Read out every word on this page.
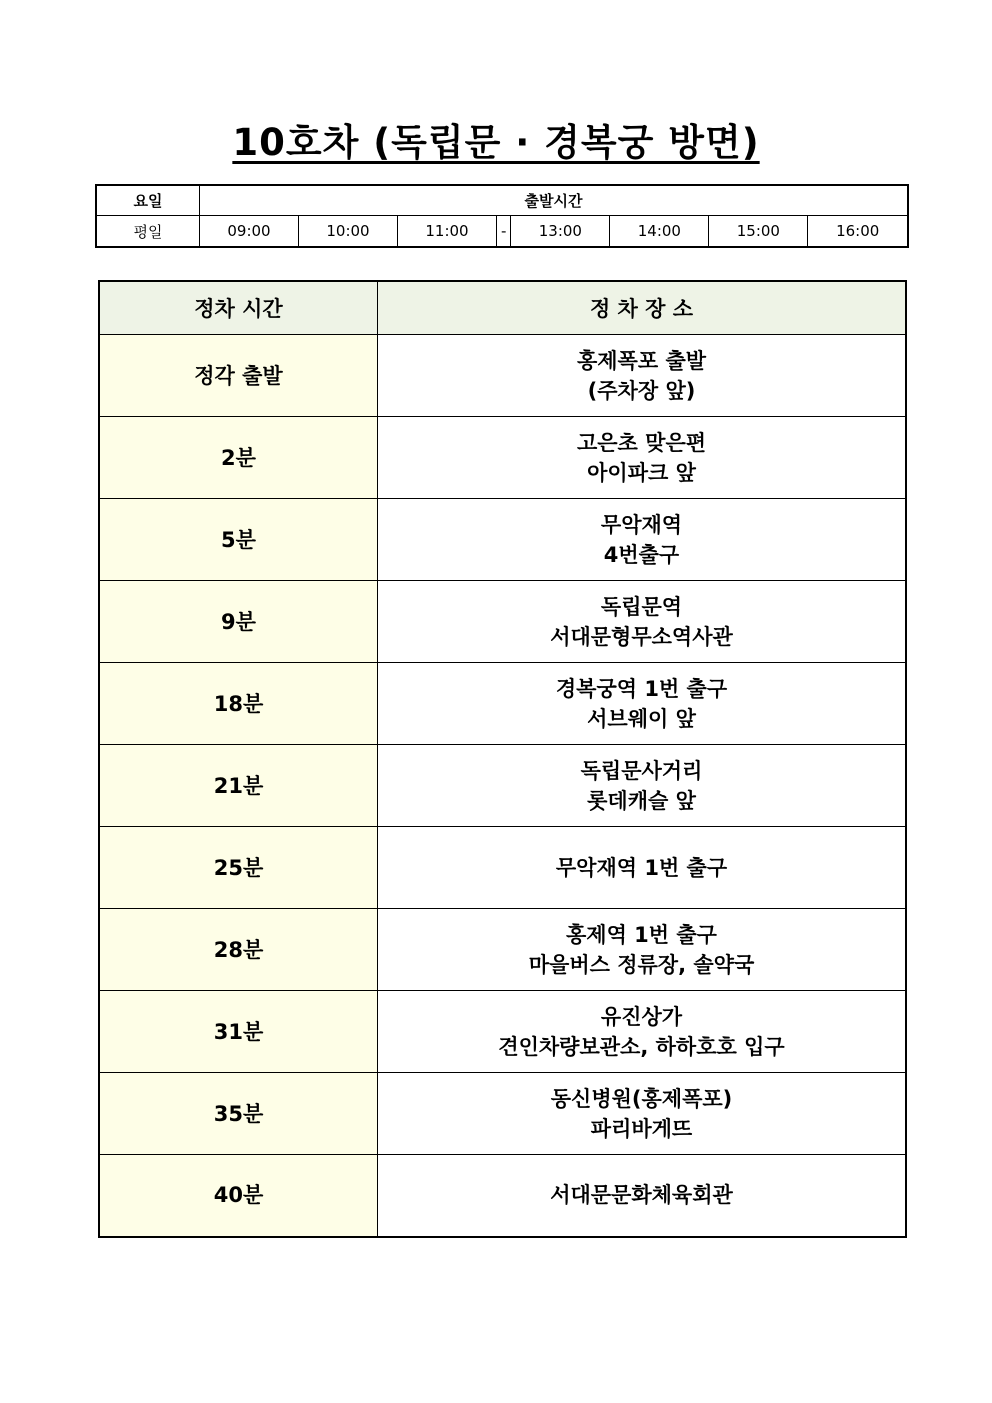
10호차 (독립문 · 경복궁 방면)
요일	출발시간							
평일	09:00	10:00	11:00	-	13:00	14:00	15:00	16:00
정차 시간	정 차 장 소
정각 출발	홍제폭포 출발
(주차장 앞)

2분	고은초 맞은편
아이파크 앞

5분	무악재역
4번출구

9분	독립문역
서대문형무소역사관

18분	경복궁역 1번 출구
서브웨이 앞

21분	독립문사거리
롯데캐슬 앞

25분	무악재역 1번 출구

28분	홍제역 1번 출구
마을버스 정류장, 솔약국

31분	유진상가
견인차량보관소, 하하호호 입구

35분	동신병원(홍제폭포)
파리바게뜨

40분	서대문문화체육회관
